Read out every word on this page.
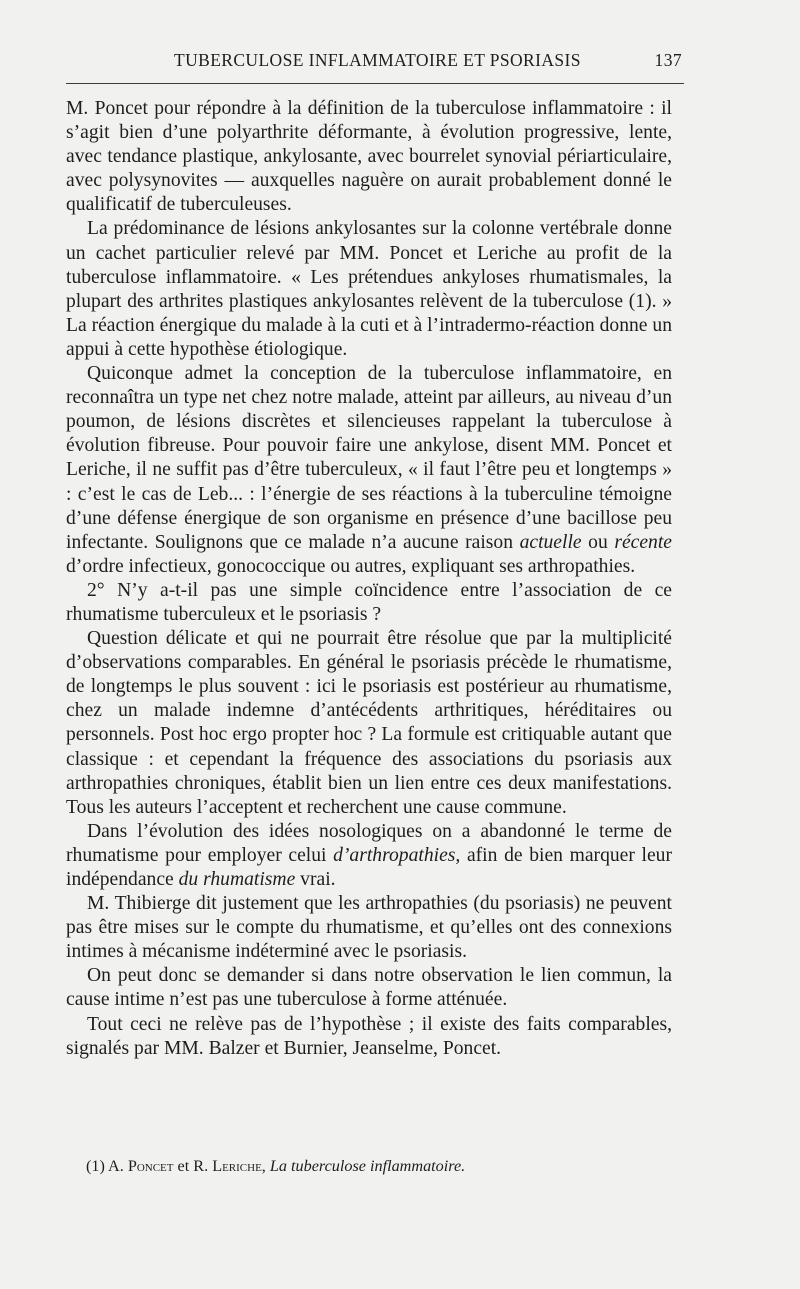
TUBERCULOSE INFLAMMATOIRE ET PSORIASIS	137

M. Poncet pour répondre à la définition de la tuberculose inflammatoire : il s’agit bien d’une polyarthrite déformante, à évolution progressive, lente, avec tendance plastique, ankylosante, avec bourrelet synovial périarticulaire, avec polysynovites — auxquelles naguère on aurait probablement donné le qualificatif de tuberculeuses.

La prédominance de lésions ankylosantes sur la colonne vertébrale donne un cachet particulier relevé par MM. Poncet et Leriche au profit de la tuberculose inflammatoire. « Les prétendues ankyloses rhumatismales, la plupart des arthrites plastiques ankylosantes relèvent de la tuberculose (1). » La réaction énergique du malade à la cuti et à l’intradermo-réaction donne un appui à cette hypothèse étiologique.

Quiconque admet la conception de la tuberculose inflammatoire, en reconnaîtra un type net chez notre malade, atteint par ailleurs, au niveau d’un poumon, de lésions discrètes et silencieuses rappelant la tuberculose à évolution fibreuse. Pour pouvoir faire une ankylose, disent MM. Poncet et Leriche, il ne suffit pas d’être tuberculeux, « il faut l’être peu et longtemps » : c’est le cas de Leb... : l’énergie de ses réactions à la tuberculine témoigne d’une défense énergique de son organisme en présence d’une bacillose peu infectante. Soulignons que ce malade n’a aucune raison actuelle ou récente d’ordre infectieux, gonococcique ou autres, expliquant ses arthropathies.

2° N’y a-t-il pas une simple coïncidence entre l’association de ce rhumatisme tuberculeux et le psoriasis ?

Question délicate et qui ne pourrait être résolue que par la multiplicité d’observations comparables. En général le psoriasis précède le rhumatisme, de longtemps le plus souvent : ici le psoriasis est postérieur au rhumatisme, chez un malade indemne d’antécédents arthritiques, héréditaires ou personnels. Post hoc ergo propter hoc ? La formule est critiquable autant que classique : et cependant la fréquence des associations du psoriasis aux arthropathies chroniques, établit bien un lien entre ces deux manifestations. Tous les auteurs l’acceptent et recherchent une cause commune.

Dans l’évolution des idées nosologiques on a abandonné le terme de rhumatisme pour employer celui d’arthropathies, afin de bien marquer leur indépendance du rhumatisme vrai.

M. Thibierge dit justement que les arthropathies (du psoriasis) ne peuvent pas être mises sur le compte du rhumatisme, et qu’elles ont des connexions intimes à mécanisme indéterminé avec le psoriasis.

On peut donc se demander si dans notre observation le lien commun, la cause intime n’est pas une tuberculose à forme atténuée.

Tout ceci ne relève pas de l’hypothèse ; il existe des faits comparables, signalés par MM. Balzer et Burnier, Jeanselme, Poncet.

(1) A. Poncet et R. Leriche, La tuberculose inflammatoire.
